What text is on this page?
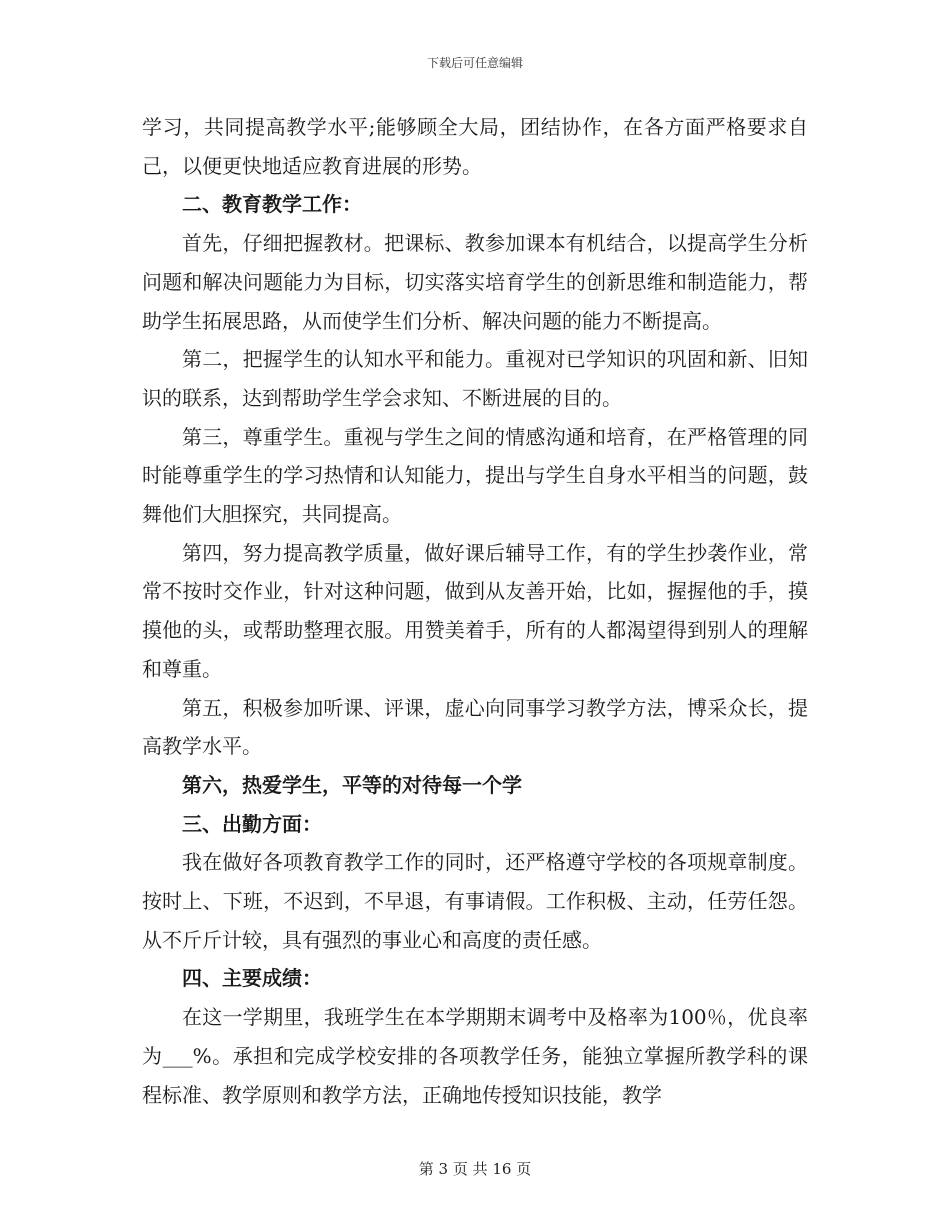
下载后可任意编辑

学习，共同提高教学水平;能够顾全大局，团结协作，在各方面严格要求自己，以便更快地适应教育进展的形势。

二、教育教学工作：

首先，仔细把握教材。把课标、教参加课本有机结合，以提高学生分析问题和解决问题能力为目标，切实落实培育学生的创新思维和制造能力，帮助学生拓展思路，从而使学生们分析、解决问题的能力不断提高。

第二，把握学生的认知水平和能力。重视对已学知识的巩固和新、旧知识的联系，达到帮助学生学会求知、不断进展的目的。

第三，尊重学生。重视与学生之间的情感沟通和培育，在严格管理的同时能尊重学生的学习热情和认知能力，提出与学生自身水平相当的问题，鼓舞他们大胆探究，共同提高。

第四，努力提高教学质量，做好课后辅导工作，有的学生抄袭作业，常常不按时交作业，针对这种问题，做到从友善开始，比如，握握他的手，摸摸他的头，或帮助整理衣服。用赞美着手，所有的人都渴望得到别人的理解和尊重。

第五，积极参加听课、评课，虚心向同事学习教学方法，博采众长，提高教学水平。

第六，热爱学生，平等的对待每一个学

三、出勤方面：

我在做好各项教育教学工作的同时，还严格遵守学校的各项规章制度。按时上、下班，不迟到，不早退，有事请假。工作积极、主动，任劳任怨。从不斤斤计较，具有强烈的事业心和高度的责任感。

四、主要成绩：

在这一学期里，我班学生在本学期期末调考中及格率为100％，优良率为___%。承担和完成学校安排的各项教学任务，能独立掌握所教学科的课程标准、教学原则和教学方法，正确地传授知识技能，教学

第 3 页 共 16 页
